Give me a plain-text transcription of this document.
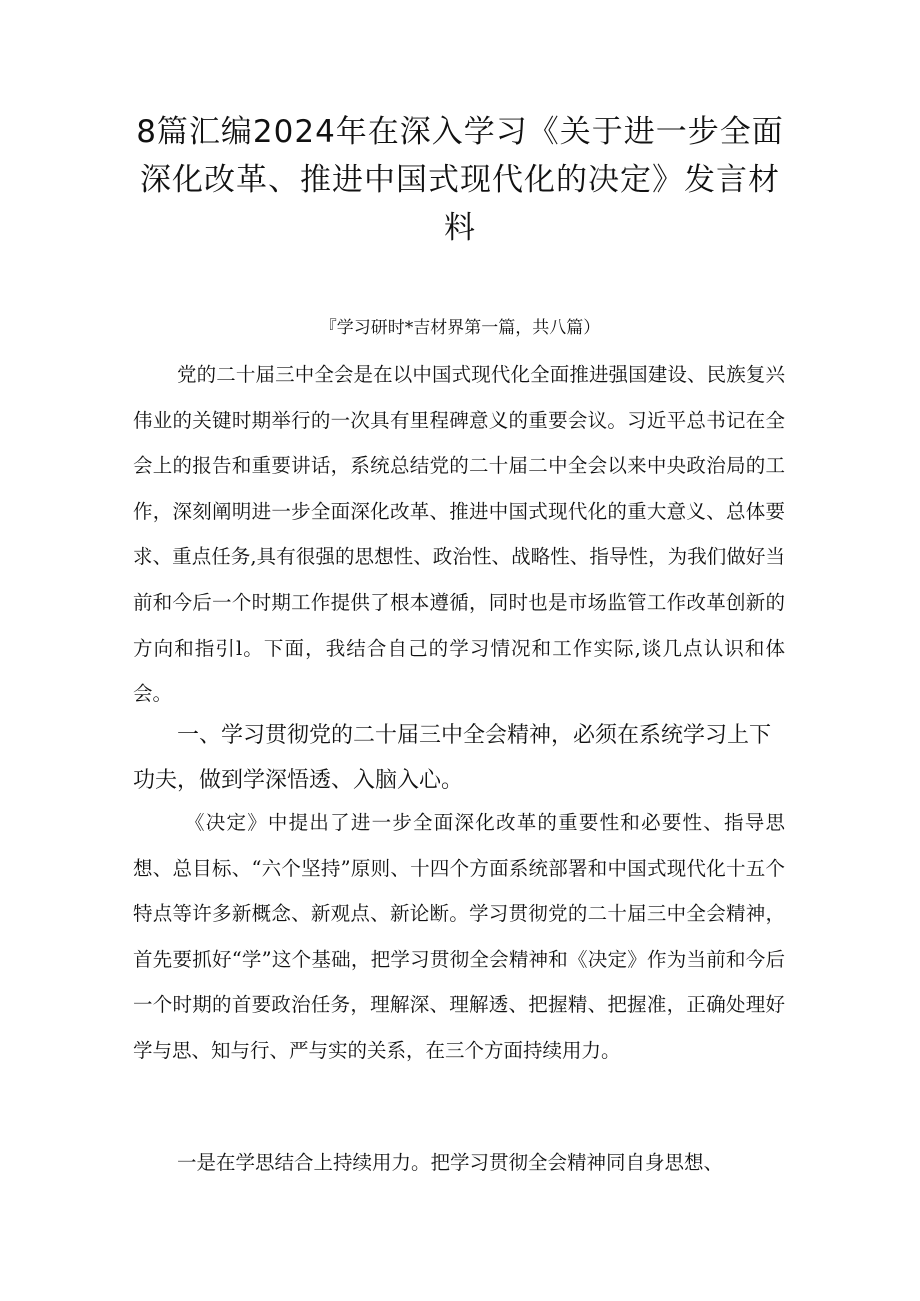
8篇汇编2024年在深入学习《关于进一步全面深化改革、推进中国式现代化的决定》发言材料
『学习研时*吉材界第一篇，共八篇）

党的二十届三中全会是在以中国式现代化全面推进强国建设、民族复兴伟业的关键时期举行的一次具有里程碑意义的重要会议。习近平总书记在全会上的报告和重要讲话，系统总结党的二十届二中全会以来中央政治局的工作，深刻阐明进一步全面深化改革、推进中国式现代化的重大意义、总体要求、重点任务,具有很强的思想性、政治性、战略性、指导性，为我们做好当前和今后一个时期工作提供了根本遵循，同时也是市场监管工作改革创新的方向和指引l。下面，我结合自己的学习情况和工作实际,谈几点认识和体会。

一、学习贯彻党的二十届三中全会精神，必须在系统学习上下功夫，做到学深悟透、入脑入心。

《决定》中提出了进一步全面深化改革的重要性和必要性、指导思想、总目标、“六个坚持”原则、十四个方面系统部署和中国式现代化十五个特点等许多新概念、新观点、新论断。学习贯彻党的二十届三中全会精神，首先要抓好“学”这个基础，把学习贯彻全会精神和《决定》作为当前和今后一个时期的首要政治任务，理解深、理解透、把握精、把握准，正确处理好学与思、知与行、严与实的关系，在三个方面持续用力。

一是在学思结合上持续用力。把学习贯彻全会精神同自身思想、
